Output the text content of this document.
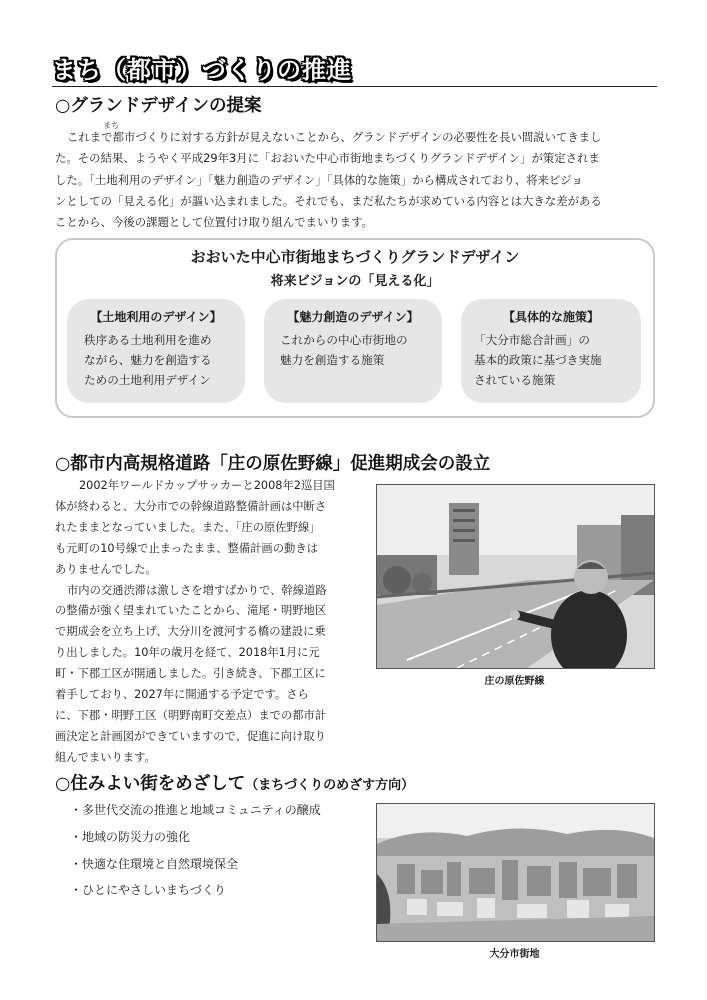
まち（都市）づくりの推進
○グランドデザインの提案
まち

これまで都市づくりに対する方針が見えないことから、グランドデザインの必要性を長い間説いてきまし

た。その結果、ようやく平成29年3月に「おおいた中心市街地まちづくりグランドデザイン」が策定されま

した。「土地利用のデザイン」「魅力創造のデザイン」「具体的な施策」から構成されており、将来ビジョ

ンとしての「見える化」が謳い込まれました。それでも、まだ私たちが求めている内容とは大きな差がある

ことから、今後の課題として位置付け取り組んでまいります。

おおいた中心市街地まちづくりグランドデザイン
将来ビジョンの「見える化」
【土地利用のデザイン】
秩序ある土地利用を進め
ながら、魅力を創造する
ための土地利用デザイン
【魅力創造のデザイン】
これからの中心市街地の
魅力を創造する施策
【具体的な施策】
「大分市総合計画」の
基本的政策に基づき実施
されている施策
○都市内高規格道路「庄の原佐野線」促進期成会の設立

2002年ワールドカップサッカーと2008年2巡目国

体が終わると、大分市での幹線道路整備計画は中断さ

れたままとなっていました。また、「庄の原佐野線」

も元町の10号線で止まったまま、整備計画の動きは

ありませんでした。

市内の交通渋滞は激しさを増すばかりで、幹線道路

の整備が強く望まれていたことから、滝尾・明野地区

で期成会を立ち上げ、大分川を渡河する橋の建設に乗

り出しました。10年の歳月を経て、2018年1月に元

町・下郡工区が開通しました。引き続き、下郡工区に

着手しており、2027年に開通する予定です。さら

に、下郡・明野工区（明野南町交差点）までの都市計

画決定と計画図ができていますので、促進に向け取り

組んでまいります。

庄の原佐野線
○住みよい街をめざして（まちづくりのめざす方向）
・多世代交流の推進と地域コミュニティの醸成
・地域の防災力の強化
・快適な住環境と自然環境保全
・ひとにやさしいまちづくり
大分市街地
